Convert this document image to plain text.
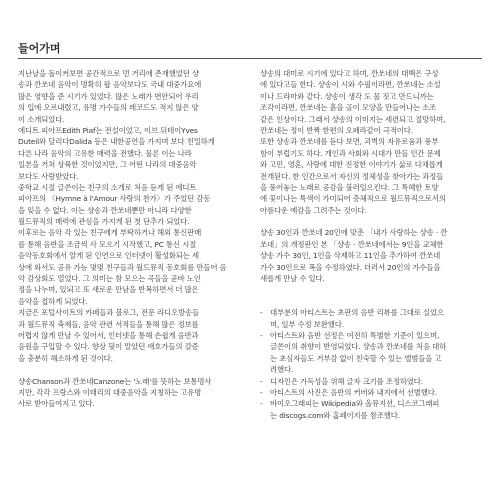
들어가며
지난날을 돌이켜보면 공간적으로 먼 거리에 존재했었던 샹
송과 깐쏘네 음악이 명확히 팝 음악보다도 국내 대중가요에
많은 영향을 준 시기가 있었다. 많은 노래가 번안되어 우리
의 입에 오르내렸고, 유명 가수들의 레코드도 적지 않은 양
이 소개되었다.
에디트 피아프Edith Piaf는 전설이었고, 이브 뒤테이Yves
Duteil와 달리다Dalida 등은 내한공연을 가지며 보다 친밀하게
다른 나라 음악의 고유한 매력을 전했다. 물론 이는 나라
일본을 거쳐 상륙한 것이었지만, 그 어떤 나라의 대중음악
보다도 사랑받았다.
중학교 시절 글쓴이는 친구의 소개로 처음 듣게 된 에디트
피아프의 〈Hymne à l'Amour 사랑의 찬가〉가 주었던 감동
을 잊을 수 없다. 이는 샹송과 깐쏘네뿐만 아니라 다양한
월드뮤직의 매력에 관심을 가지게 된 첫 단추가 되었다.
이후로는 음악 각 있는 친구에게 부탁하거나 해외 통신판매
를 통해 음반을 조금씩 사 모으기 시작했고, PC 통신 시절
음악동호회에서 알게 된 인연으로 인터넷이 활성화되는 세
상에 와서도 공유 가능 몇몇 친구들과 월드뮤직 동호회를 만들어 음
악 감상회도 열었다. 그 의미는 참 모으는 곡들을 곧바 노인
정을 나누며, 있되고 또 새로운 만남을 반복하면서 더 많은
음악을 접하게 되었다.
지금은 포털사이트의 카페들과 블로그, 전문 라디오방송들
과 월드뮤직 축제들, 음악 관련 서적들을 통해 많은 정보를
어렵지 않게 만날 수 있어서, 인터넷을 통해 손쉽게 음반과
음원을 구입할 수 있다. 향상 뒷이 말았던 애호가들의 갈증
을 충분히 해소하게 된 것이다.
샹송Chanson과 깐쏘네Canzone는 '노래'를 뜻하는 보통명사
지만, 각각 프랑스와 이태리의 대중음악을 지칭하는 고유명
사로 받아들여지고 있다.
샹송의 대미로 시기에 있다고 하며, 깐쏘네의 대백은 구성
에 있다고들 한다. 샹송이 시와 수필이라면, 깐쏘네는 소설
이나 드라마와 같다. 샹송이 생각 도 물 짓고 만드니까는
조각이라면, 깐쏘네는 흙을 골이 모양을 만들어나는 소조
같은 인상이다. 그래서 샹송의 이미지는 세련되고 절망하며,
깐쏘네는 정이 반짝 한편의 오페라같이 극적이다.
또한 샹송과 깐쏘네를 듣다 보면, 괴벽의 자유로움과 풍부
함이 부럽기도 하다. 개인과 사회와 시대가 만들 인간 문제
와 고민, 영혼, 사랑에 대한 진정한 이야기가 삶로 다채롭게
전개된다. 한 인간으로서 자신의 정체성을 찾아가는 과정들
을 풍어놓는 노래로 공감을 불러일으킨다. 그 특혜한 토양
에 꽃이나는 특색이 가미되어 층체적으로 월드뮤직으로서의
아름다운 예감을 그려주는 것이다.
샹송 30인과 깐쏘네 20인에 맞춘 「내가 사랑하는 샹송 · 깐
쏘네」의 개정판인 본 「샹송 · 깐쏘네에서는 9인을 교체한
샹송 가수 30인, 1인을 삭제하고 11인을 추가하여 깐쏘네
가수 30인으로 폭을 수정하였다. 더러서 20인의 가수들을
새롭게 만날 수 있다.
-	대부분의 아티스트는 초판의 음반 리뷰를 그대로 실었으
며, 일부 수정 보완했다.
-	아티스트와 음반 선정은 여전히 특별한 기준이 있으며,
글쓴이의 취향이 반영되었다. 샹송과 깐쏘네를 처음 대하
는 초심자들도 거부감 없이 친숙할 수 있는 앨범들을 고
려했다.
-	디자인은 가독성을 위해 글자 크기를 조정하였다.
-	아티스트의 사진은 음반의 커버와 내지에서 선별했다.
-	바이오그래피는 Wikipedia와 올뮤지션, 디스코그래피
는 discogs.com와 홈페이지를 참조했다.
